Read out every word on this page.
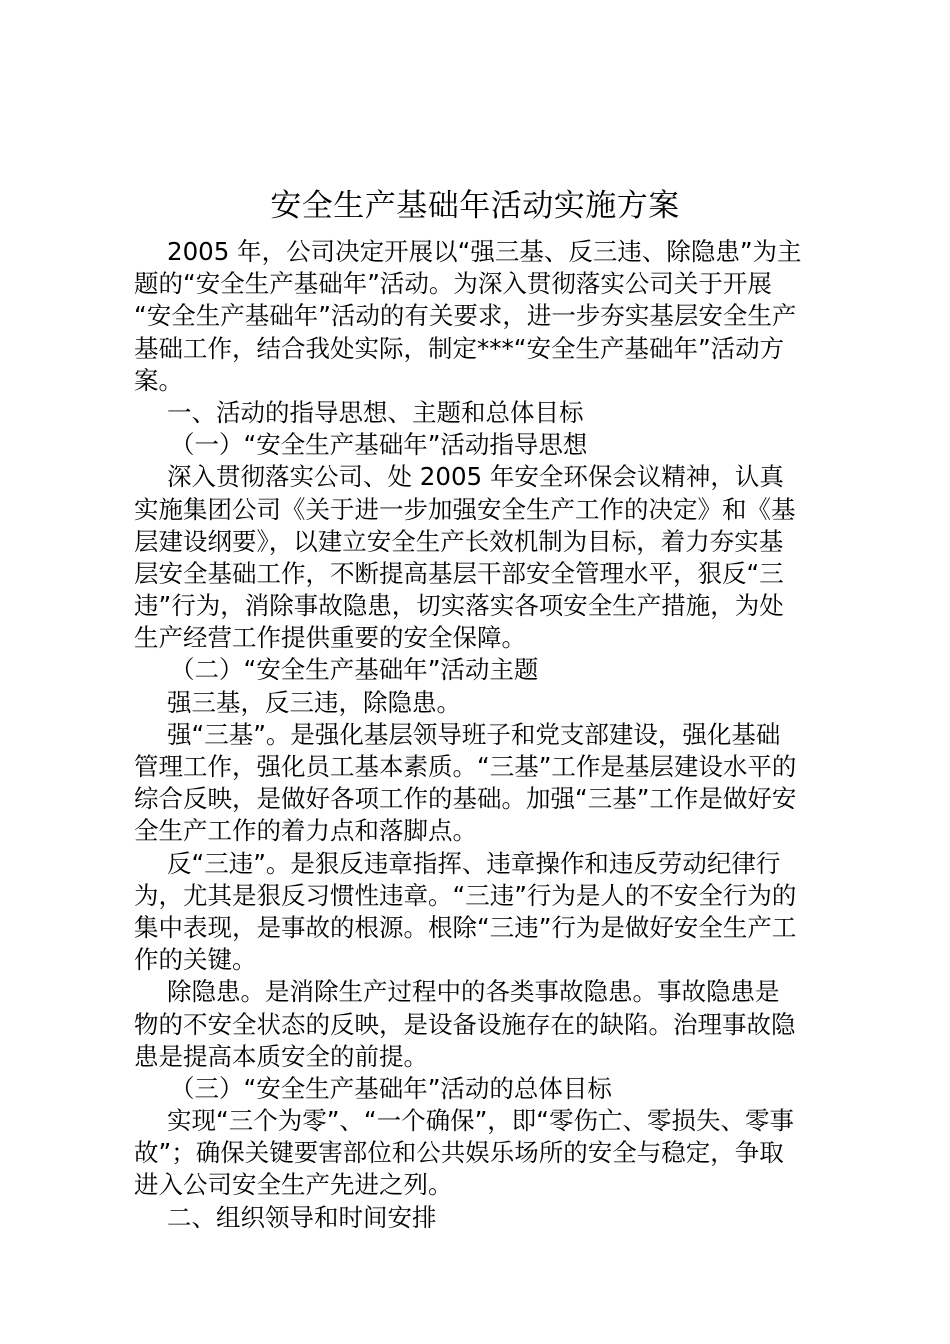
安全生产基础年活动实施方案
2005 年，公司决定开展以“强三基、反三违、除隐患”为主
题的“安全生产基础年”活动。为深入贯彻落实公司关于开展
“安全生产基础年”活动的有关要求，进一步夯实基层安全生产
基础工作，结合我处实际，制定***“安全生产基础年”活动方
案。
一、活动的指导思想、主题和总体目标
（一）“安全生产基础年”活动指导思想
深入贯彻落实公司、处 2005 年安全环保会议精神，认真
实施集团公司《关于进一步加强安全生产工作的决定》和《基
层建设纲要》，以建立安全生产长效机制为目标，着力夯实基
层安全基础工作，不断提高基层干部安全管理水平，狠反“三
违”行为，消除事故隐患，切实落实各项安全生产措施，为处
生产经营工作提供重要的安全保障。
（二）“安全生产基础年”活动主题
强三基，反三违，除隐患。
强“三基”。是强化基层领导班子和党支部建设，强化基础
管理工作，强化员工基本素质。“三基”工作是基层建设水平的
综合反映，是做好各项工作的基础。加强“三基”工作是做好安
全生产工作的着力点和落脚点。
反“三违”。是狠反违章指挥、违章操作和违反劳动纪律行
为，尤其是狠反习惯性违章。“三违”行为是人的不安全行为的
集中表现，是事故的根源。根除“三违”行为是做好安全生产工
作的关键。
除隐患。是消除生产过程中的各类事故隐患。事故隐患是
物的不安全状态的反映，是设备设施存在的缺陷。治理事故隐
患是提高本质安全的前提。
（三）“安全生产基础年”活动的总体目标
实现“三个为零”、“一个确保”，即“零伤亡、零损失、零事
故”；确保关键要害部位和公共娱乐场所的安全与稳定，争取
进入公司安全生产先进之列。
二、组织领导和时间安排
